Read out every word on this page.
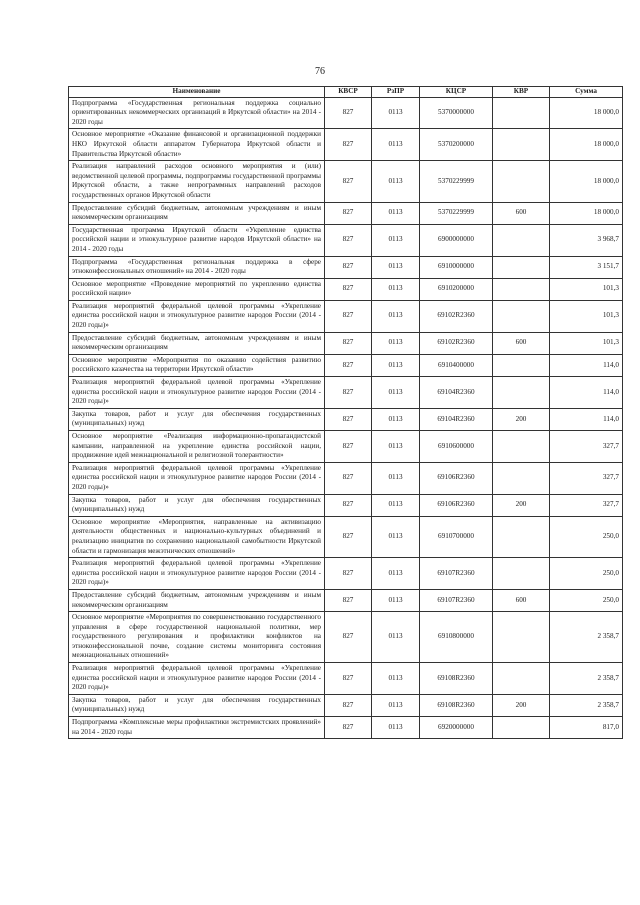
76
Наименование	КВСР	РзПР	КЦСР	КВР	Сумма
Подпрограмма «Государственная региональная поддержка социально ориентированных некоммерческих организаций в Иркутской области» на 2014 - 2020 годы	827	0113	5370000000		18 000,0
Основное мероприятие «Оказание финансовой и организационной поддержки НКО Иркутской области аппаратом Губернатора Иркутской области и Правительства Иркутской области»	827	0113	5370200000		18 000,0
Реализация направлений расходов основного мероприятия и (или) ведомственной целевой программы, подпрограммы государственной программы Иркутской области, а также непрограммных направлений расходов государственных органов Иркутской области	827	0113	5370229999		18 000,0
Предоставление субсидий бюджетным, автономным учреждениям и иным некоммерческим организациям	827	0113	5370229999	600	18 000,0
Государственная программа Иркутской области «Укрепление единства российской нации и этнокультурное развитие народов Иркутской области» на 2014 - 2020 годы	827	0113	6900000000		3 968,7
Подпрограмма «Государственная региональная поддержка в сфере этноконфессиональных отношений» на 2014 - 2020 годы	827	0113	6910000000		3 151,7
Основное мероприятие «Проведение мероприятий по укреплению единства российской нации»	827	0113	6910200000		101,3
Реализация мероприятий федеральной целевой программы «Укрепление единства российской нации и этнокультурное развитие народов России (2014 - 2020 годы)»	827	0113	69102R2360		101,3
Предоставление субсидий бюджетным, автономным учреждениям и иным некоммерческим организациям	827	0113	69102R2360	600	101,3
Основное мероприятие «Мероприятия по оказанию содействия развитию российского казачества на территории Иркутской области»	827	0113	6910400000		114,0
Реализация мероприятий федеральной целевой программы «Укрепление единства российской нации и этнокультурное развитие народов России (2014 - 2020 годы)»	827	0113	69104R2360		114,0
Закупка товаров, работ и услуг для обеспечения государственных (муниципальных) нужд	827	0113	69104R2360	200	114,0
Основное мероприятие «Реализация информационно-пропагандистской кампании, направленной на укрепление единства российской нации, продвижение идей межнациональной и религиозной толерантности»	827	0113	6910600000		327,7
Реализация мероприятий федеральной целевой программы «Укрепление единства российской нации и этнокультурное развитие народов России (2014 - 2020 годы)»	827	0113	69106R2360		327,7
Закупка товаров, работ и услуг для обеспечения государственных (муниципальных) нужд	827	0113	69106R2360	200	327,7
Основное мероприятие «Мероприятия, направленные на активизацию деятельности общественных и национально-культурных объединений и реализацию инициатив по сохранению национальной самобытности Иркутской области и гармонизация межэтнических отношений»	827	0113	6910700000		250,0
Реализация мероприятий федеральной целевой программы «Укрепление единства российской нации и этнокультурное развитие народов России (2014 - 2020 годы)»	827	0113	69107R2360		250,0
Предоставление субсидий бюджетным, автономным учреждениям и иным некоммерческим организациям	827	0113	69107R2360	600	250,0
Основное мероприятие «Мероприятия по совершенствованию государственного управления в сфере государственной национальной политики, мер государственного регулирования и профилактики конфликтов на этноконфессиональной почве, создание системы мониторинга состояния межнациональных отношений»	827	0113	6910800000		2 358,7
Реализация мероприятий федеральной целевой программы «Укрепление единства российской нации и этнокультурное развитие народов России (2014 - 2020 годы)»	827	0113	69108R2360		2 358,7
Закупка товаров, работ и услуг для обеспечения государственных (муниципальных) нужд	827	0113	69108R2360	200	2 358,7
Подпрограмма «Комплексные меры профилактики экстремистских проявлений» на 2014 - 2020 годы	827	0113	6920000000		817,0
